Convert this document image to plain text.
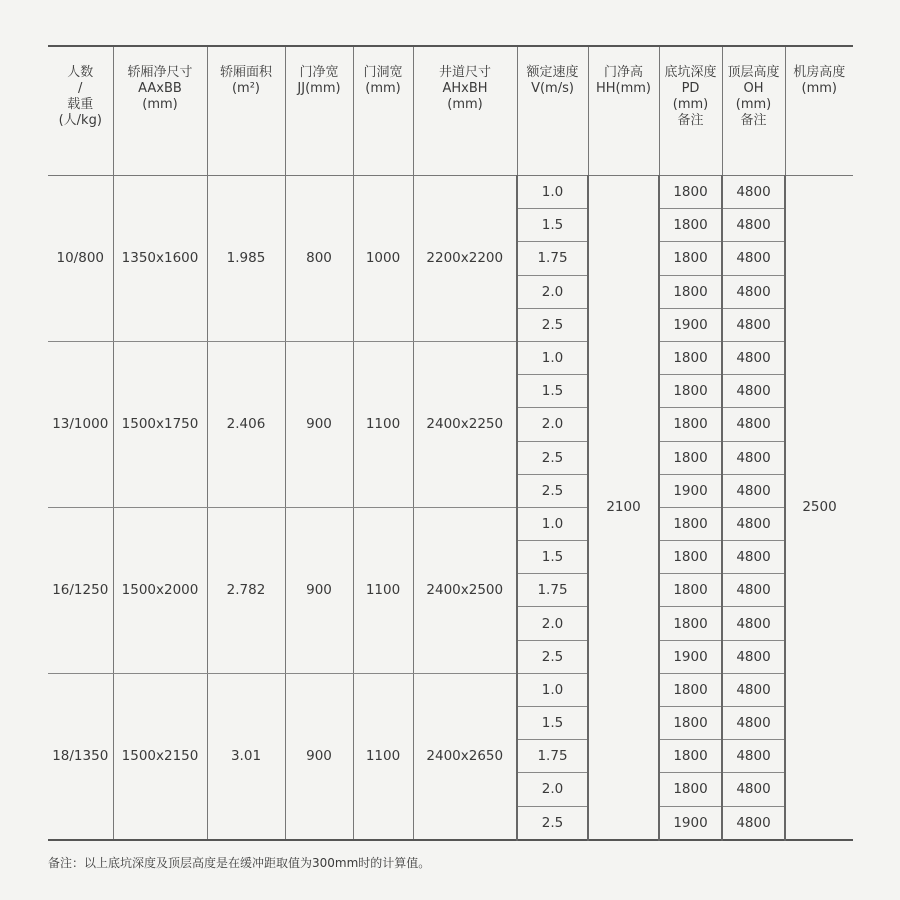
人数
/
载重
(人/kg)	轿厢净尺寸
AAxBB
(mm)	轿厢面积
(m²)	门净宽
JJ(mm)	门洞宽
(mm)	井道尺寸
AHxBH
(mm)	额定速度
V(m/s)	门净高
HH(mm)	底坑深度
PD
(mm)
备注	顶层高度
OH
(mm)
备注	机房高度
(mm)

10/800	1350x1600	1.985	800	1000	2200x2200	1.0	2100	1800	4800	2500
						1.5		1800	4800	
						1.75		1800	4800	
						2.0		1800	4800	
						2.5		1900	4800	
13/1000	1500x1750	2.406	900	1100	2400x2250	1.0		1800	4800	
						1.5		1800	4800	
						2.0		1800	4800	
						2.5		1800	4800	
						2.5		1900	4800	
16/1250	1500x2000	2.782	900	1100	2400x2500	1.0		1800	4800	
						1.5		1800	4800	
						1.75		1800	4800	
						2.0		1800	4800	
						2.5		1900	4800	
18/1350	1500x2150	3.01	900	1100	2400x2650	1.0		1800	4800	
						1.5		1800	4800	
						1.75		1800	4800	
						2.0		1800	4800	
						2.5		1900	4800	
备注：以上底坑深度及顶层高度是在缓冲距取值为300mm时的计算值。
